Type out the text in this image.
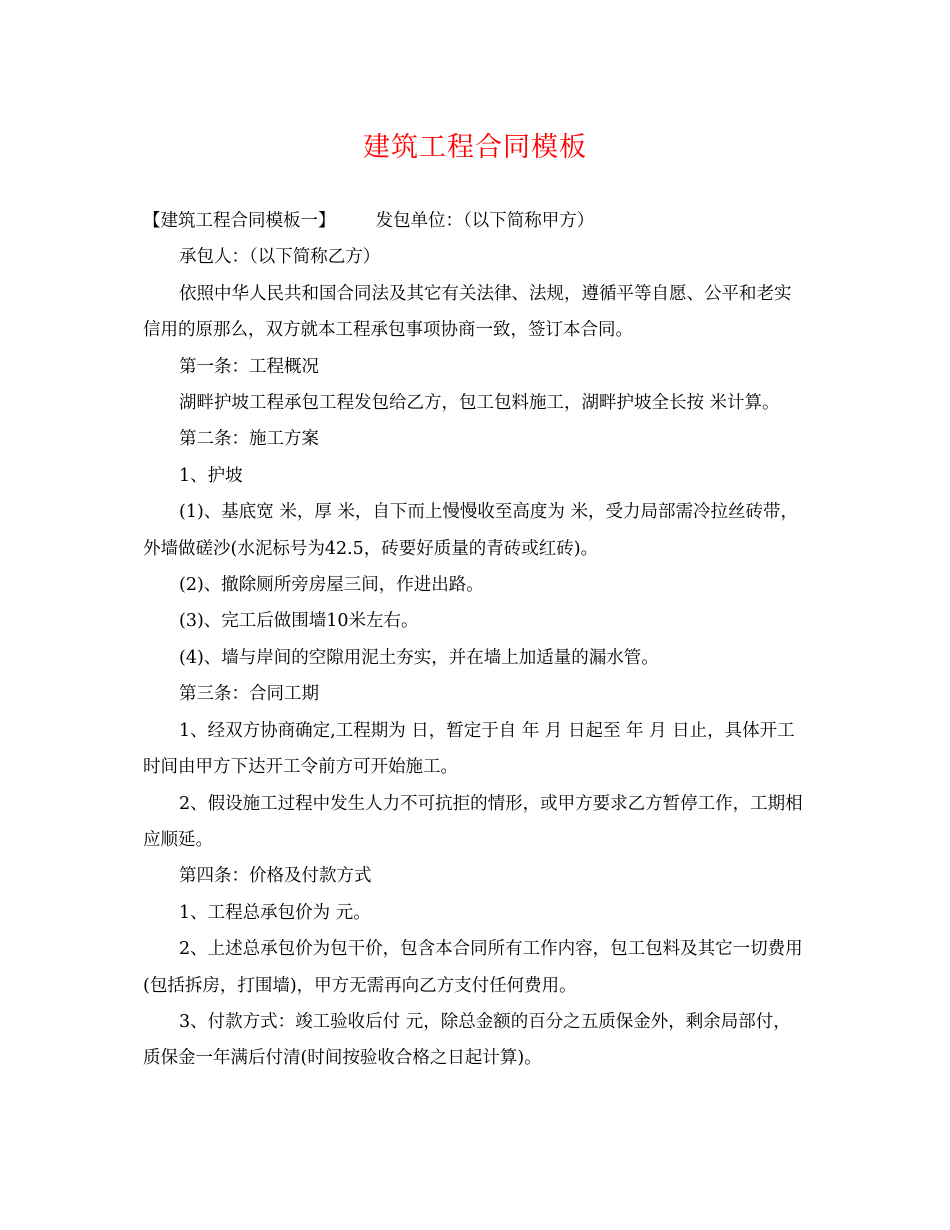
建筑工程合同模板

【建筑工程合同模板一】 发包单位：（以下简称甲方）

承包人：（以下简称乙方）

依照中华人民共和国合同法及其它有关法律、法规，遵循平等自愿、公平和老实信用的原那么，双方就本工程承包事项协商一致，签订本合同。

第一条：工程概况

湖畔护坡工程承包工程发包给乙方，包工包料施工，湖畔护坡全长按 米计算。

第二条：施工方案

1、护坡

(1)、基底宽 米，厚 米，自下而上慢慢收至高度为 米，受力局部需冷拉丝砖带，外墙做磋沙(水泥标号为42.5，砖要好质量的青砖或红砖)。

(2)、撤除厕所旁房屋三间，作进出路。

(3)、完工后做围墙10米左右。

(4)、墙与岸间的空隙用泥土夯实，并在墙上加适量的漏水管。

第三条：合同工期

1、经双方协商确定,工程期为 日，暂定于自 年 月 日起至 年 月 日止，具体开工时间由甲方下达开工令前方可开始施工。

2、假设施工过程中发生人力不可抗拒的情形，或甲方要求乙方暂停工作，工期相应顺延。

第四条：价格及付款方式

1、工程总承包价为 元。

2、上述总承包价为包干价，包含本合同所有工作内容，包工包料及其它一切费用(包括拆房，打围墙)，甲方无需再向乙方支付任何费用。

3、付款方式：竣工验收后付 元，除总金额的百分之五质保金外，剩余局部付，质保金一年满后付清(时间按验收合格之日起计算)。
